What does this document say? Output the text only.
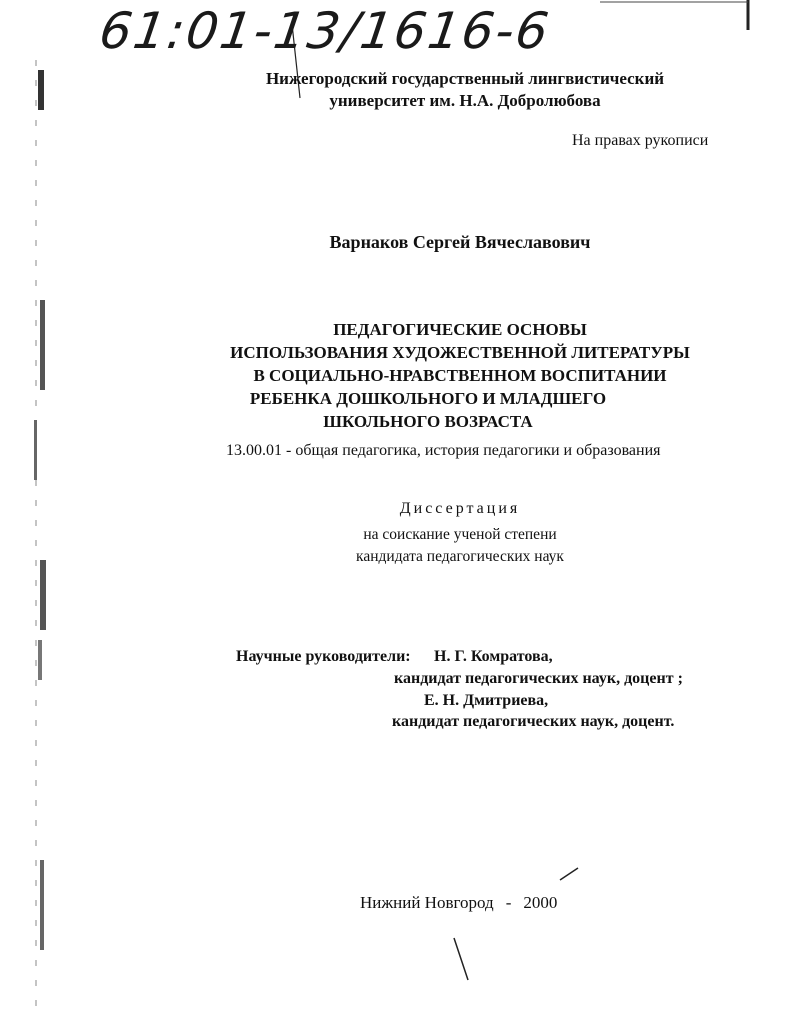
61:01-13/1616-6
Нижегородский государственный лингвистический
университет им. Н.А. Добролюбова
На правах рукописи
Варнаков Сергей Вячеславович
ПЕДАГОГИЧЕСКИЕ ОСНОВЫ
ИСПОЛЬЗОВАНИЯ ХУДОЖЕСТВЕННОЙ ЛИТЕРАТУРЫ
В СОЦИАЛЬНО-НРАВСТВЕННОМ ВОСПИТАНИИ
РЕБЕНКА ДОШКОЛЬНОГО И МЛАДШЕГО
ШКОЛЬНОГО ВОЗРАСТА
13.00.01 - общая педагогика, история педагогики и образования
Диссертация
на соискание ученой степени
кандидата педагогических наук
Научные руководители: Н. Г. Комратова,
кандидат педагогических наук, доцент ;
Е. Н. Дмитриева,
кандидат педагогических наук, доцент.
Нижний Новгород - 2000
